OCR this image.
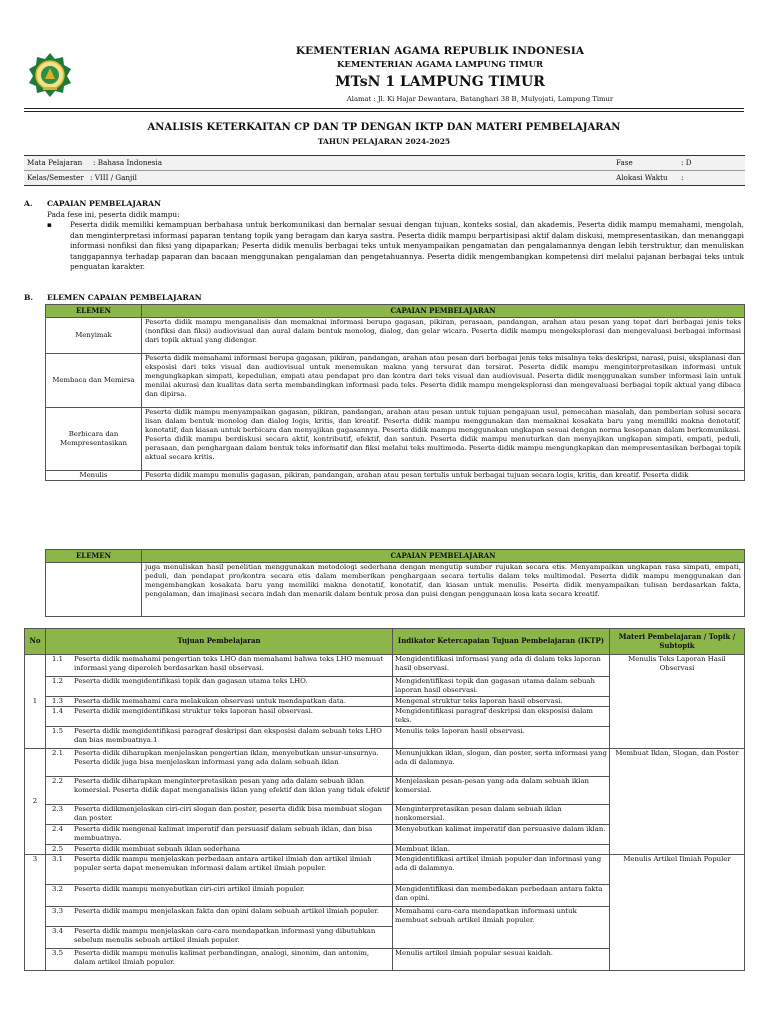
KEMENTERIAN AGAMA REPUBLIK INDONESIA
KEMENTERIAN AGAMA LAMPUNG TIMUR
MTsN 1 LAMPUNG TIMUR
Alamat : Jl. Ki Hajar Dewantara, Batanghari 38 B, Mulyojati, Lampung Timur
ANALISIS KETERKAITAN CP DAN TP DENGAN IKTP DAN MATERI PEMBELAJARAN
TAHUN PELAJARAN 2024-2025
Mata Pelajaran : Bahasa Indonesia	Fase	: D
Kelas/Semester : VIII / Ganjil	Alokasi Waktu :
A. CAPAIAN PEMBELAJARAN
Pada fese ini, peserta didik mampu:
▪ Peserta didik memiliki kemampuan berbahasa untuk berkomunikasi dan bernalar sesuai dengan tujuan, konteks sosial, dan akademis. Peserta didik mampu memahami, mengolah, dan menginterpretasi informasi paparan tentang topik yang beragam dan karya sastra. Peserta didik mampu berpartisipasi aktif dalam diskusi, mempresentasikan, dan menanggapi informasi nonfiksi dan fiksi yang dipaparkan; Peserta didik menulis berbagai teks untuk menyampaikan pengamatan dan pengalamannya dengan lebih terstruktur, dan menuliskan tanggapannya terhadap paparan dan bacaan menggunakan pengalaman dan pengetahuannya. Peserta didik mengembangkan kompetensi diri melalui pajanan berbagai teks untuk penguatan karakter.
B. ELEMEN CAPAIAN PEMBELAJARAN
ELEMEN	CAPAIAN PEMBELAJARAN
Menyimak	Peserta didik mampu menganalisis dan memaknai informasi berupa gagasan, pikiran, perasaan, pandangan, arahan atau pesan yang tepat dari berbagai jenis teks (nonfiksi dan fiksi) audiovisual dan aural dalam bentuk monolog, dialog, dan gelar wicara. Peserta didik mampu mengeksplorasi dan mengevaluasi berbagai informasi dari topik aktual yang didengar.
Membaca dan Memirsa	Peserta didik memahami informasi berupa gagasan, pikiran, pandangan, arahan atau pesan dari berbagai jenis teks misalnya teks deskripsi, narasi, puisi, eksplanasi dan eksposisi dari teks visual dan audiovisual untuk menemukan makna yang tersurat dan tersirat. Peserta didik mampu menginterpretasikan informasi untuk mengungkapkan simpati, kepedulian, empati atau pendapat pro dan kontra dari teks visual dan audiovisual. Peserta didik menggunakan sumber informasi lain untuk menilai akurasi dan kualitas data serta membandingkan informasi pada teks. Peserta didik mampu mengeksplorasi dan mengevaluasi berbagai topik aktual yang dibaca dan dipirsa.
Berbicara dan Mempresentasikan	Peserta didik mampu menyampaikan gagasan, pikiran, pandangan, arahan atau pesan untuk tujuan pengajuan usul, pemecahan masalah, dan pemberian solusi secara lisan dalam bentuk monolog dan dialog logis, kritis, dan kreatif. Peserta didik mampu menggunakan dan memaknai kosakata baru yang memiliki makna denotatif, konotatif, dan kiasan untuk berbicara dan menyajikan gagasannya. Peserta didik mampu menggunakan ungkapan sesuai dengan norma kesopanan dalam berkomunikasi. Peserta didik mampu berdiskusi secara aktif, kontributif, efektif, dan santun. Peserta didik mampu menuturkan dan menyajikan ungkapan simpati, empati, peduli, perasaan, dan penghargaan dalam bentuk teks informatif dan fiksi melalui teks multimoda. Peserta didik mampu mengungkapkan dan mempresentasikan berbagai topik aktual secara kritis.
Menulis	Peserta didik mampu menulis gagasan, pikiran, pandangan, arahan atau pesan tertulis untuk berbagai tujuan secara logis, kritis, dan kreatif. Peserta didik
ELEMEN	CAPAIAN PEMBELAJARAN
	juga menuliskan hasil penelitian menggunakan metodologi sederhana dengan mengutip sumber rujukan secara etis. Menyampaikan ungkapan rasa simpati, empati, peduli, dan pendapat pro/kontra secara etis dalam memberikan penghargaan secara tertulis dalam teks multimodal. Peserta didik mampu menggunakan dan mengembangkan kosakata baru yang memiliki makna denotatif, konotatif, dan kiasan untuk menulis. Peserta didik menyampaikan tulisan berdasarkan fakta, pengalaman, dan imajinasi secara indah dan menarik dalam bentuk prosa dan puisi dengan penggunaan kosa kata secara kreatif.
No	Tujuan Pembelajaran	Indikator Ketercapaian Tujuan Pembelajaran (IKTP)	Materi Pembelajaran / Topik / Subtopik
1	1.1 Peserta didik memahami pengertian teks LHO dan memahami bahwa teks LHO memuat informasi yang diperoleh berdasarkan hasil observasi.	Mengidentifikasi informasi yang ada di dalam teks laporan hasil observasi.	Menulis Teks Laporan Hasil Observasi

	1.2 Peserta didik mengidentifikasi topik dan gagasan utama teks LHO.	Mengidentifikasi topik dan gagasan utama dalam sebuah laporan hasil observasi.	

	1.3 Peserta didik memahami cara melakukan observasi untuk mendapatkan data.	Mengenal struktur teks laporan hasil observasi.	

	1.4 Peserta didik mengidentifikasi struktur teks laporan hasil observasi.	Mengidentifikasi paragraf deskripsi dan eksposisi dalam teks.	

	1.5 Peserta didik mengidentifikasi paragraf deskripsi dan eksposisi dalam sebuah teks LHO dan bias membuatnya.1	Menulis teks laporan hasil observasi.	
2	2.1 Peserta didik diharapkan menjelaskan pengertian iklan, menyebutkan unsur-unsurnya. Peserta didik juga bisa menjelaskan informasi yang ada dalam sebuah iklan	Menunjukkan iklan, slogan, dan poster, serta informasi yang ada di dalamnya.	Membuat Iklan, Slogan, dan Poster

	2.2 Peserta didik diharapkan menginterpretasikan pesan yang ada dalam sebuah iklan komersial. Peserta didik dapat menganalisis iklan yang efektif dan iklan yang tidak efektif	Menjelaskan pesan-pesan yang ada dalam sebuah iklan komersial.	

	2.3 Peserta didikmenjelaskan ciri-ciri slogan dan poster, peserta didik bisa membuat slogan dan poster.	Menginterpretasikan pesan dalam sebuah iklan nonkomersial.	

	2.4 Peserta didik mengenal kalimat imperatif dan persuasif dalam sebuah iklan, dan bisa membuatnya.	Menyebutkan kalimat imperatif dan persuasive dalam iklan.	

	2.5 Peserta didik membuat sebuah iklan sederhana	Membuat iklan.	
3	3.1 Peserta didik mampu menjelaskan perbedaan antara artikel ilmiah dan artikel ilmiah populer serta dapat menemukan informasi dalam artikel ilmiah populer.	Mengidentifikasi artikel ilmiah populer dan informasi yang ada di dalamnya.	Menulis Artikel Ilmiah Populer

	3.2 Peserta didik mampu menyebutkan ciri-ciri artikel ilmiah populer.	Mengidentifikasi dan membedakan perbedaan antara fakta dan opini.	

	3.3 Peserta didik mampu menjelaskan fakta dan opini dalam sebuah artikel ilmiah populer.	Memahami cara-cara mendapatkan informasi untuk membuat sebuah artikel ilmiah populer.	

	3.4 Peserta didik mampu menjelaskan cara-cara mendapatkan informasi yang dibutuhkan sebelum menulis sebuah artikel ilmiah populer.		

	3.5 Peserta didik mampu menulis kalimat perbandingan, analogi, sinonim, dan antonim, dalam artikel ilmiah populer.	Menulis artikel ilmiah popular sesuai kaidah.	
